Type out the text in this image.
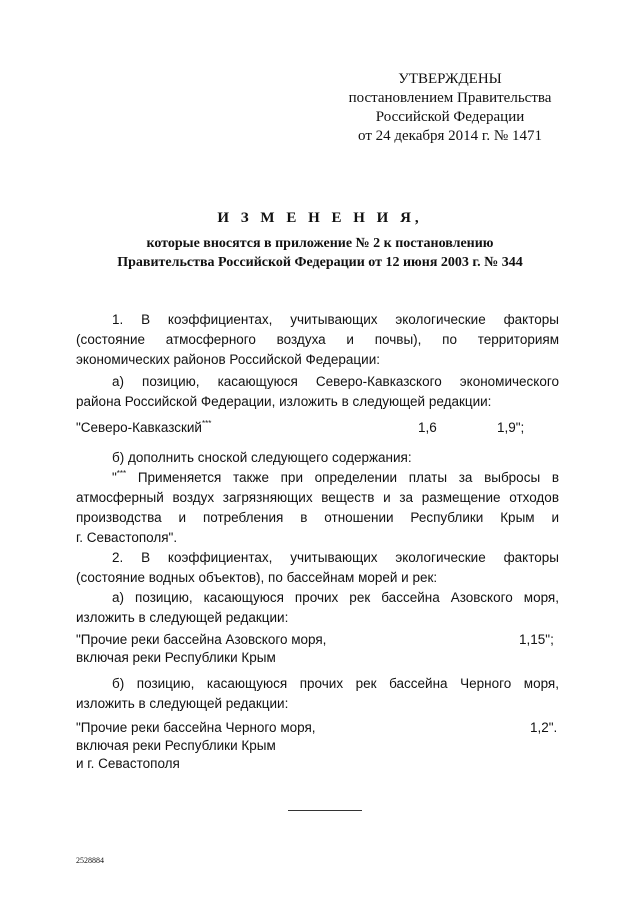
УТВЕРЖДЕНЫ
постановлением Правительства
Российской Федерации
от 24 декабря 2014 г. № 1471
И З М Е Н Е Н И Я,
которые вносятся в приложение № 2 к постановлению
Правительства Российской Федерации от 12 июня 2003 г. № 344
1. В коэффициентах, учитывающих экологические факторы
(состояние атмосферного воздуха и почвы), по территориям
экономических районов Российской Федерации:
а) позицию, касающуюся Северо-Кавказского экономического
района Российской Федерации, изложить в следующей редакции:
"Северо-Кавказский***	1,6	1,9";
б) дополнить сноской следующего содержания:
"*** Применяется также при определении платы за выбросы в
атмосферный воздух загрязняющих веществ и за размещение отходов
производства и потребления в отношении Республики Крым и
г. Севастополя".
2. В коэффициентах, учитывающих экологические факторы
(состояние водных объектов), по бассейнам морей и рек:
а) позицию, касающуюся прочих рек бассейна Азовского моря,
изложить в следующей редакции:
"Прочие реки бассейна Азовского моря,
включая реки Республики Крым
1,15";
б) позицию, касающуюся прочих рек бассейна Черного моря,
изложить в следующей редакции:
"Прочие реки бассейна Черного моря,
включая реки Республики Крым
и г. Севастополя
1,2".
2528884
